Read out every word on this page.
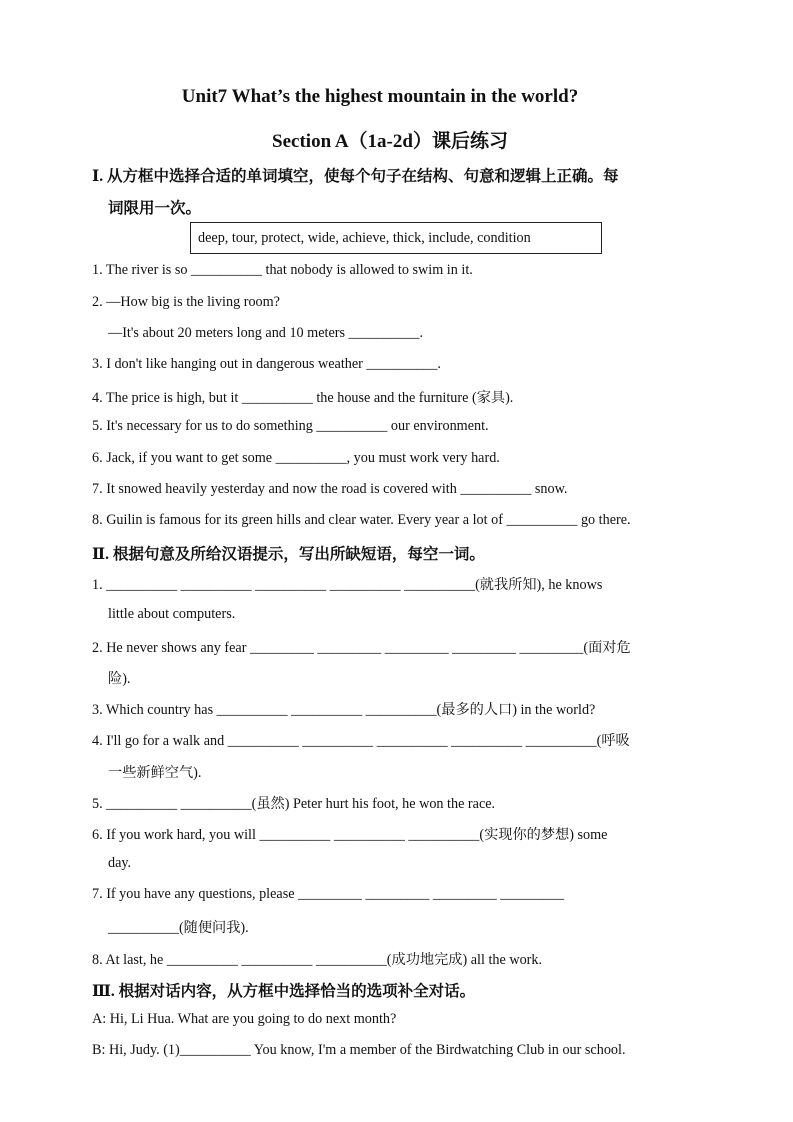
Unit7 What’s the highest mountain in the world?
Section A（1a-2d）课后练习
Ⅰ. 从方框中选择合适的单词填空，使每个句子在结构、句意和逻辑上正确。每
词限用一次。
deep, tour, protect, wide, achieve, thick, include, condition
1. The river is so __________ that nobody is allowed to swim in it.
2. —How big is the living room?
—It's about 20 meters long and 10 meters __________.
3. I don't like hanging out in dangerous weather __________.
4. The price is high, but it __________ the house and the furniture (家具).
5. It's necessary for us to do something __________ our environment.
6. Jack, if you want to get some __________, you must work very hard.
7. It snowed heavily yesterday and now the road is covered with __________ snow.
8. Guilin is famous for its green hills and clear water. Every year a lot of __________ go there.
Ⅱ. 根据句意及所给汉语提示，写出所缺短语，每空一词。
1. __________ __________ __________ __________ __________(就我所知), he knows
little about computers.
2. He never shows any fear _________ _________ _________ _________ _________(面对危
险).
3. Which country has __________ __________ __________(最多的人口) in the world?
4. I'll go for a walk and __________ __________ __________ __________ __________(呼吸
一些新鲜空气).
5. __________ __________(虽然) Peter hurt his foot, he won the race.
6. If you work hard, you will __________ __________ __________(实现你的梦想) some
day.
7. If you have any questions, please _________ _________ _________ _________
__________(随便问我).
8. At last, he __________ __________ __________(成功地完成) all the work.
Ⅲ. 根据对话内容，从方框中选择恰当的选项补全对话。
A: Hi, Li Hua. What are you going to do next month?
B: Hi, Judy. (1)__________ You know, I'm a member of the Birdwatching Club in our school.
